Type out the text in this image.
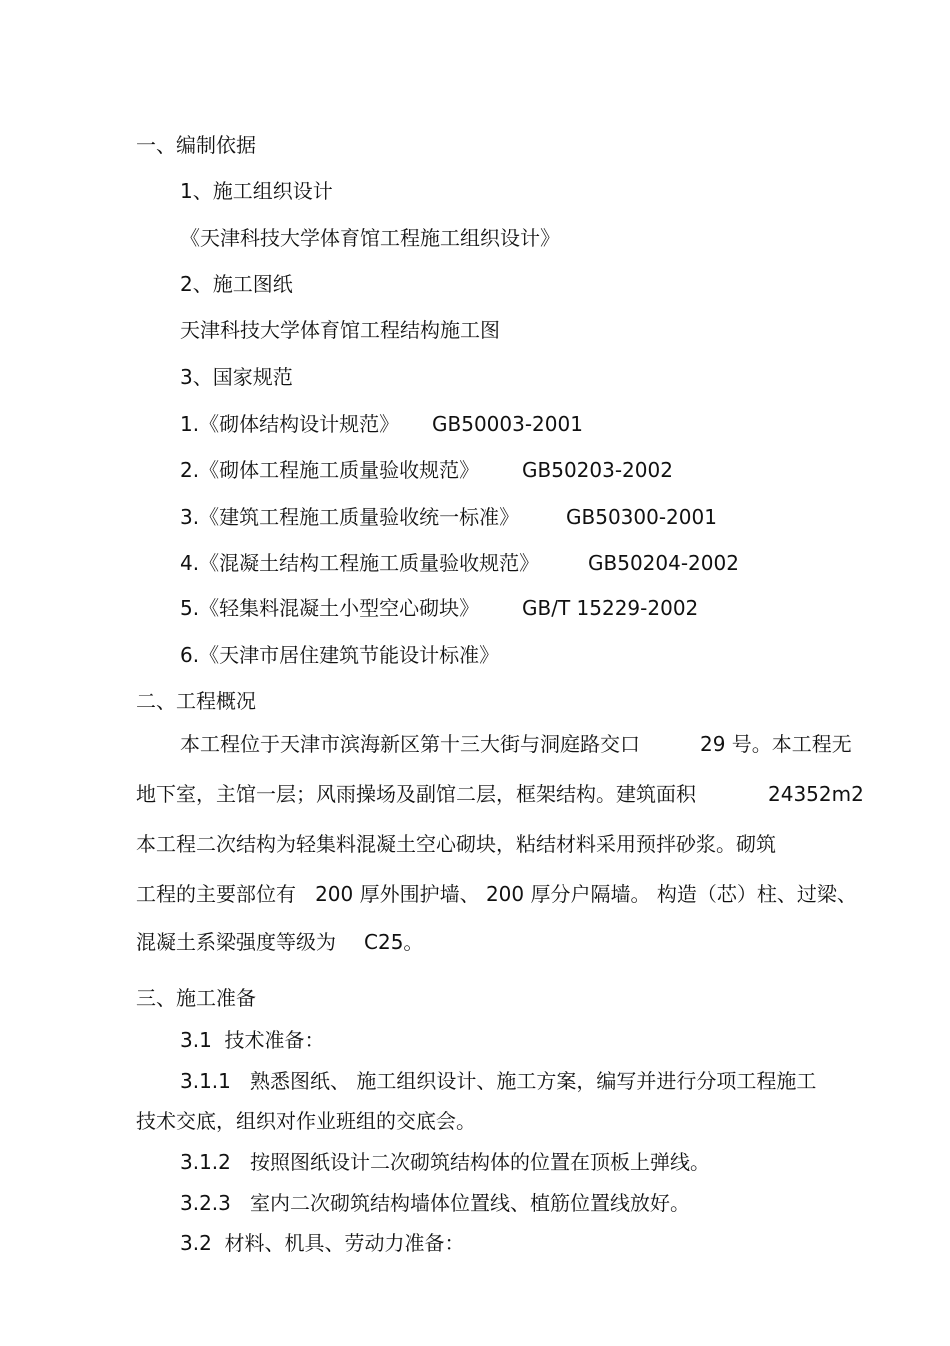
一、编制依据
1、施工组织设计
《天津科技大学体育馆工程施工组织设计》
2、施工图纸
天津科技大学体育馆工程结构施工图
3、国家规范
1.《砌体结构设计规范》 GB50003-2001
2.《砌体工程施工质量验收规范》 GB50203-2002
3.《建筑工程施工质量验收统一标准》 GB50300-2001
4.《混凝土结构工程施工质量验收规范》 GB50204-2002
5.《轻集料混凝土小型空心砌块》 GB/T 15229-2002
6.《天津市居住建筑节能设计标准》
二、工程概况
本工程位于天津市滨海新区第十三大街与洞庭路交口	29 号。本工程无
地下室，主馆一层；风雨操场及副馆二层，框架结构。建筑面积	24352m2
本工程二次结构为轻集料混凝土空心砌块，粘结材料采用预拌砂浆。砌筑
工程的主要部位有   200 厚外围护墙、 200 厚分户隔墙。 构造（芯）柱、过梁、
混凝土系梁强度等级为 C25。
三、施工准备
3.1  技术准备：
3.1.1   熟悉图纸、 施工组织设计、施工方案，编写并进行分项工程施工
技术交底，组织对作业班组的交底会。
3.1.2   按照图纸设计二次砌筑结构体的位置在顶板上弹线。
3.2.3   室内二次砌筑结构墙体位置线、植筋位置线放好。
3.2  材料、机具、劳动力准备：
